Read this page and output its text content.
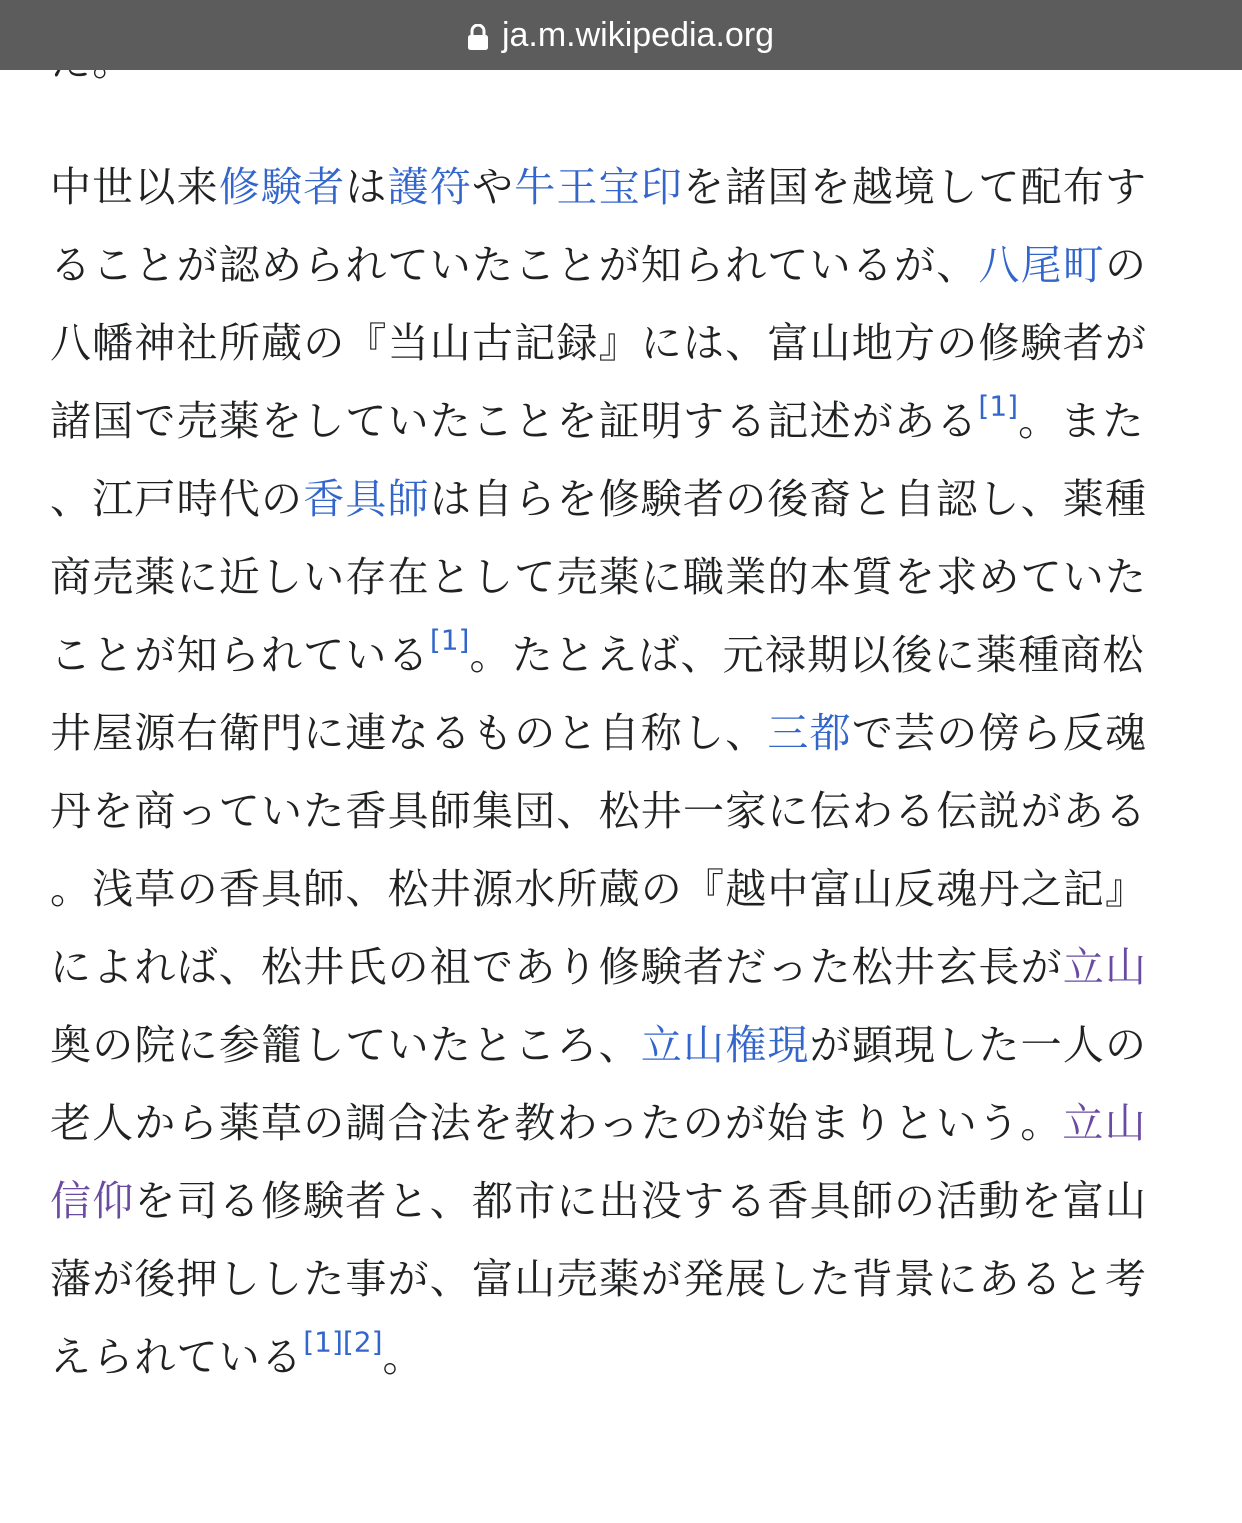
中世以来修験者は護符や牛王宝印を諸国を越境して配布することが認められていたことが知られているが、八尾町の八幡神社所蔵の『当山古記録』には、富山地方の修験者が諸国で売薬をしていたことを証明する記述がある[1]。また、江戸時代の香具師は自らを修験者の後裔と自認し、薬種商売薬に近しい存在として売薬に職業的本質を求めていたことが知られている[1]。たとえば、元禄期以後に薬種商松井屋源右衛門に連なるものと自称し、三都で芸の傍ら反魂丹を商っていた香具師集団、松井一家に伝わる伝説がある。浅草の香具師、松井源水所蔵の『越中富山反魂丹之記』によれば、松井氏の祖であり修験者だった松井玄長が立山奥の院に参籠していたところ、立山権現が顕現した一人の老人から薬草の調合法を教わったのが始まりという。立山信仰を司る修験者と、都市に出没する香具師の活動を富山藩が後押しした事が、富山売薬が発展した背景にあると考えられている[1][2]。

ja.m.wikipedia.org
